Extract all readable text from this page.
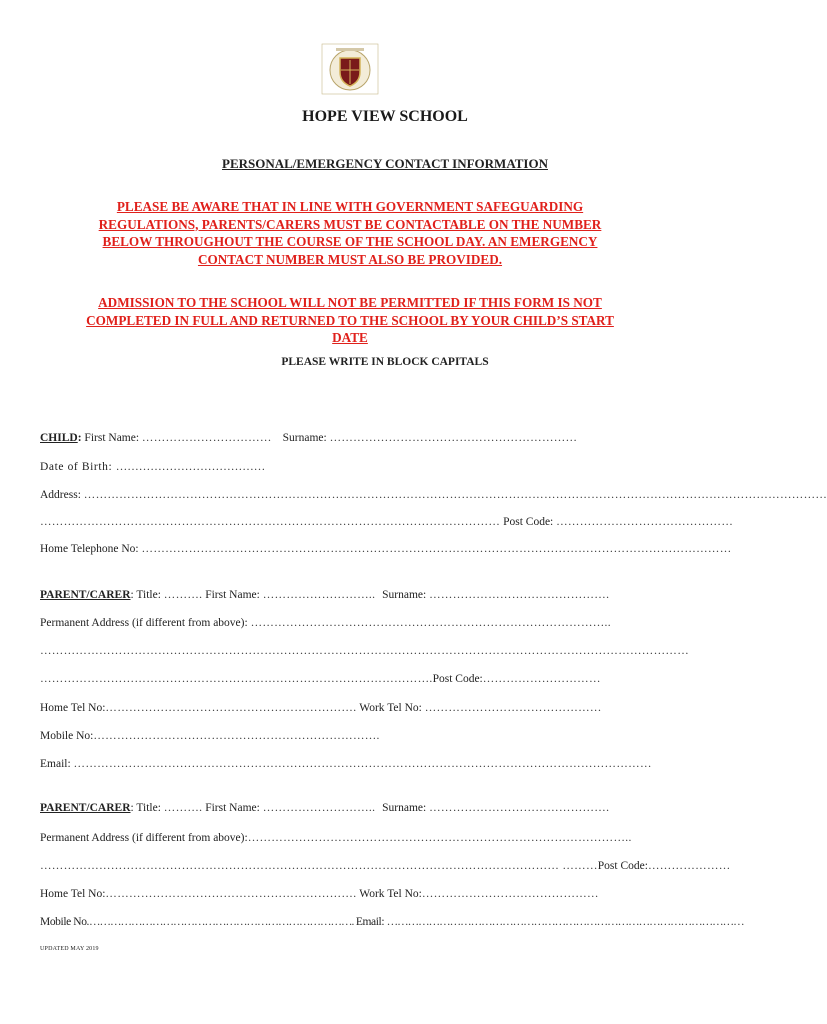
HOPE VIEW SCHOOL
PERSONAL/EMERGENCY CONTACT INFORMATION
PLEASE BE AWARE THAT IN LINE WITH GOVERNMENT SAFEGUARDING
REGULATIONS, PARENTS/CARERS MUST BE CONTACTABLE ON THE NUMBER
BELOW THROUGHOUT THE COURSE OF THE SCHOOL DAY. AN EMERGENCY
CONTACT NUMBER MUST ALSO BE PROVIDED.
ADMISSION TO THE SCHOOL WILL NOT BE PERMITTED IF THIS FORM IS NOT
COMPLETED IN FULL AND RETURNED TO THE SCHOOL BY YOUR CHILD’S START
DATE
PLEASE WRITE IN BLOCK CAPITALS
CHILD: First Name: …………………………… Surname: ………………………………………………………
Date of Birth: …………………………………
Address: ………………………………………………………………………………………………………………………………………………………………………
……………………………………………………………………………………………………… Post Code: ………………………………………
Home Telephone No: ……………………………………………………………………………………………………………………………………
PARENT/CARER: Title: ………. First Name: ……………………….. Surname: ……………………………………….
Permanent Address (if different from above): ………………………………………………………………………………..
…………………………………………………………………………………………………………………………………………………
……………………………………………………………………………………….Post Code:…………………………
Home Tel No:………………………………………………………. Work Tel No: ………………………………………
Mobile No:……………………………………………………………….
Email: …………………………………………………………………………………………………………………………………
PARENT/CARER: Title: ………. First Name: ……………………….. Surname: ……………………………………….
Permanent Address (if different from above):……………………………………………………………………………………..
…………………………………………………………………………………………………………………… ………Post Code:…………………
Home Tel No:………………………………………………………. Work Tel No:………………………………………
Mobile No.…………………………………………………………………. Email: …………………………………………………………………………………………
UPDATED MAY 2019
